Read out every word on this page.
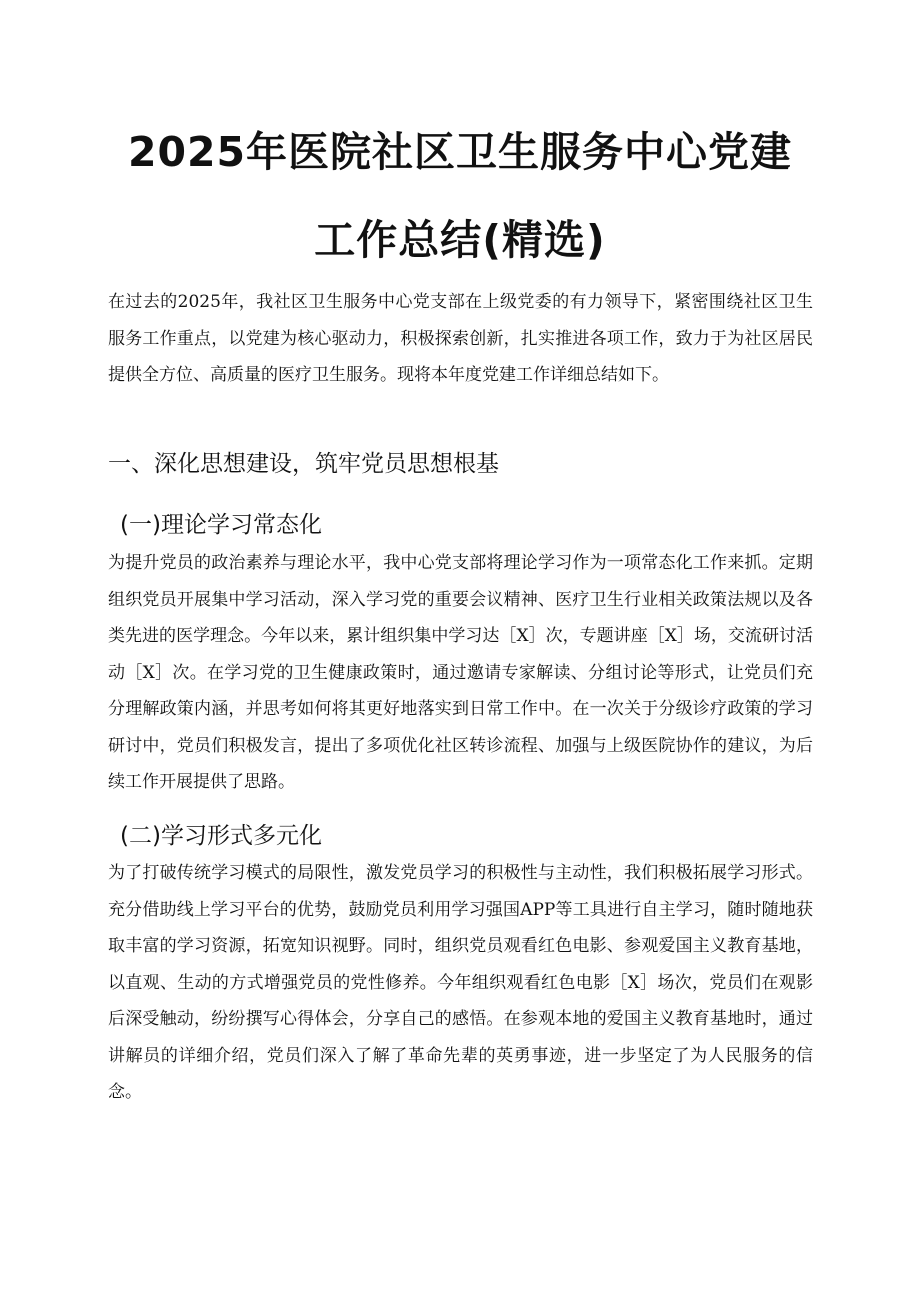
2025年医院社区卫生服务中心党建
工作总结(精选)

在过去的2025年，我社区卫生服务中心党支部在上级党委的有力领导下，紧密围绕社区卫生服务工作重点，以党建为核心驱动力，积极探索创新，扎实推进各项工作，致力于为社区居民提供全方位、高质量的医疗卫生服务。现将本年度党建工作详细总结如下。

一、深化思想建设，筑牢党员思想根基
(一)理论学习常态化

为提升党员的政治素养与理论水平，我中心党支部将理论学习作为一项常态化工作来抓。定期组织党员开展集中学习活动，深入学习党的重要会议精神、医疗卫生行业相关政策法规以及各类先进的医学理念。今年以来，累计组织集中学习达［X］次，专题讲座［X］场，交流研讨活动［X］次。在学习党的卫生健康政策时，通过邀请专家解读、分组讨论等形式，让党员们充分理解政策内涵，并思考如何将其更好地落实到日常工作中。在一次关于分级诊疗政策的学习研讨中，党员们积极发言，提出了多项优化社区转诊流程、加强与上级医院协作的建议，为后续工作开展提供了思路。

(二)学习形式多元化

为了打破传统学习模式的局限性，激发党员学习的积极性与主动性，我们积极拓展学习形式。充分借助线上学习平台的优势，鼓励党员利用学习强国APP等工具进行自主学习，随时随地获取丰富的学习资源，拓宽知识视野。同时，组织党员观看红色电影、参观爱国主义教育基地，以直观、生动的方式增强党员的党性修养。今年组织观看红色电影［X］场次，党员们在观影后深受触动，纷纷撰写心得体会，分享自己的感悟。在参观本地的爱国主义教育基地时，通过讲解员的详细介绍，党员们深入了解了革命先辈的英勇事迹，进一步坚定了为人民服务的信念。
